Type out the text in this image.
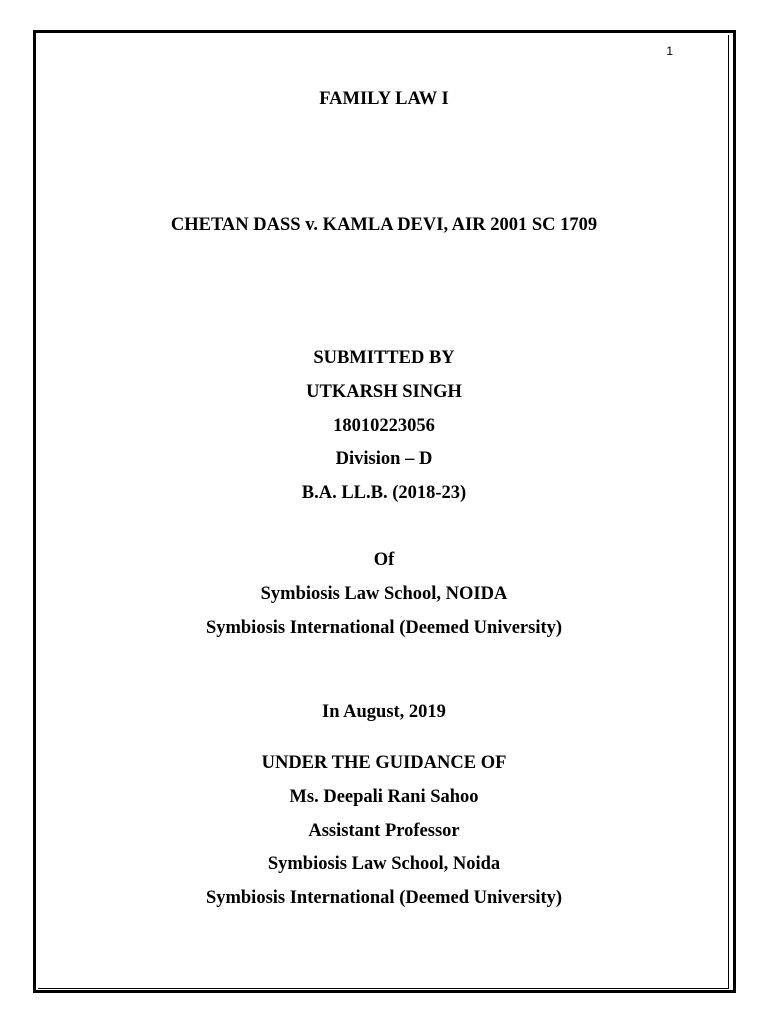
1
FAMILY LAW I
CHETAN DASS v. KAMLA DEVI, AIR 2001 SC 1709
SUBMITTED BY
UTKARSH SINGH
18010223056
Division – D
B.A. LL.B. (2018-23)
Of
Symbiosis Law School, NOIDA
Symbiosis International (Deemed University)
In August, 2019
UNDER THE GUIDANCE OF
Ms. Deepali Rani Sahoo
Assistant Professor
Symbiosis Law School, Noida
Symbiosis International (Deemed University)
